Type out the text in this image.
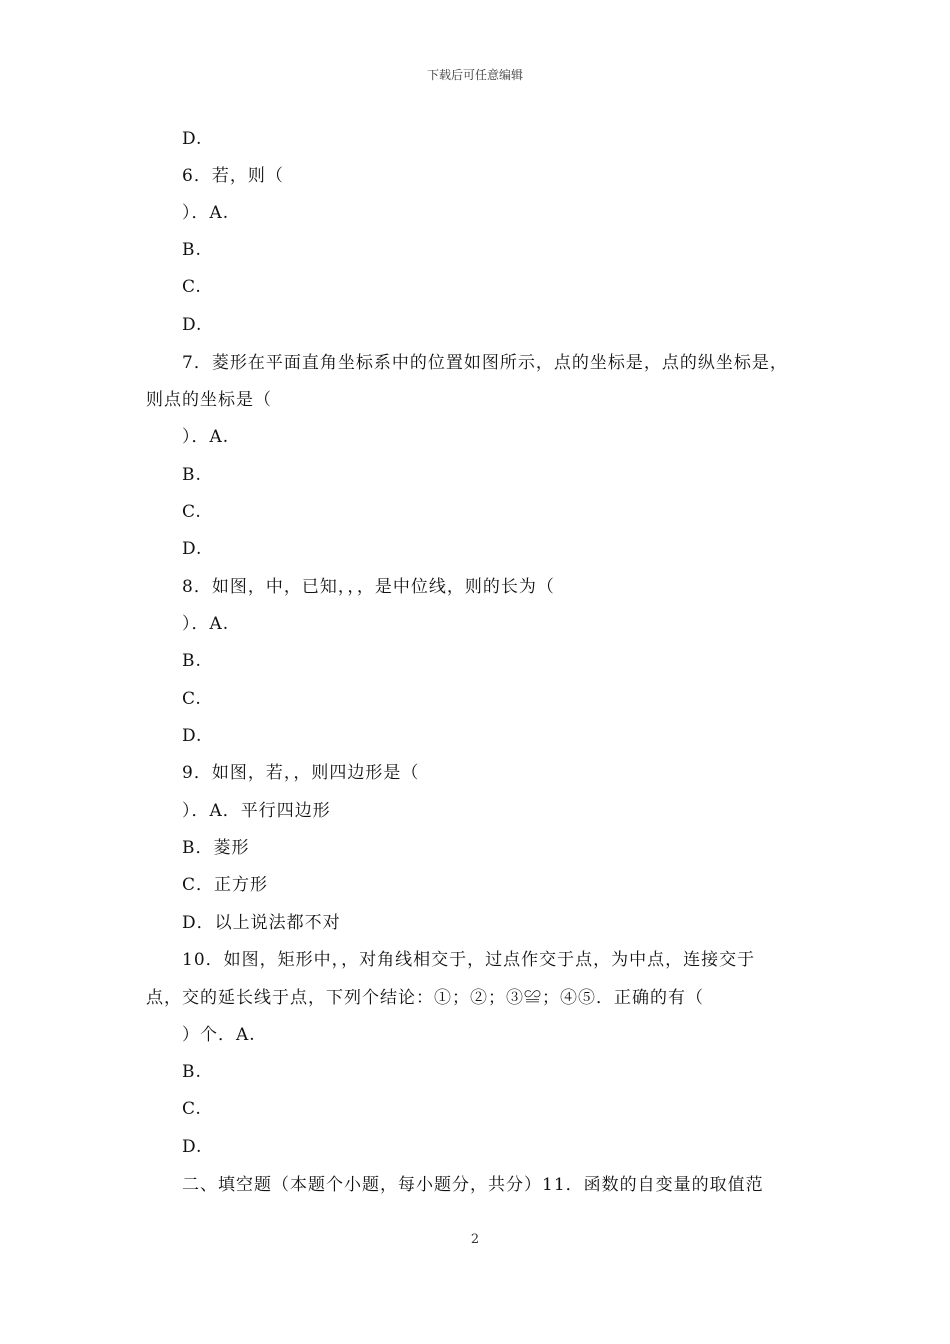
下载后可任意编辑
D.
6．若，则（
）．A.
B.
C.
D.
7．菱形在平面直角坐标系中的位置如图所示，点的坐标是，点的纵坐标是，
则点的坐标是（
）．A.
B.
C.
D.
8．如图，中，已知，，，是中位线，则的长为（
）．A.
B.
C.
D.
9．如图，若，，则四边形是（
）．A．平行四边形
B．菱形
C．正方形
D．以上说法都不对
10．如图，矩形中，，对角线相交于，过点作交于点，为中点，连接交于
点，交的延长线于点，下列个结论：①；②；③≌；④⑤．正确的有（
）个．A.
B.
C.
D.
二、填空题（本题个小题，每小题分，共分）11．函数的自变量的取值范
2
